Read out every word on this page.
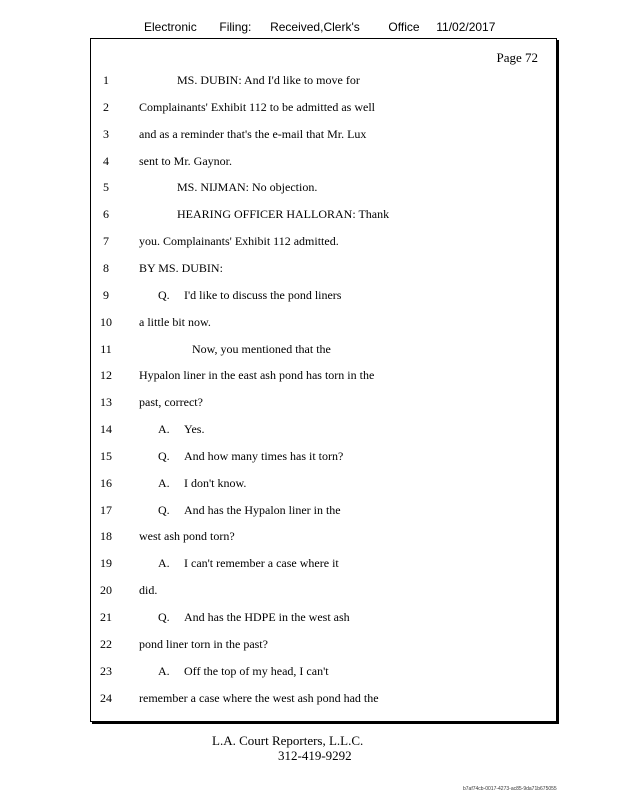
Electronic Filing: Received,Clerk's Office 11/02/2017
Page 72
1	MS. DUBIN: And I'd like to move for
2	Complainants' Exhibit 112 to be admitted as well
3	and as a reminder that's the e-mail that Mr. Lux
4	sent to Mr. Gaynor.
5	MS. NIJMAN: No objection.
6	HEARING OFFICER HALLORAN: Thank
7	you. Complainants' Exhibit 112 admitted.
8	BY MS. DUBIN:
9	Q. I'd like to discuss the pond liners
10 a little bit now.
11	Now, you mentioned that the
12 Hypalon liner in the east ash pond has torn in the
13 past, correct?
14	A. Yes.
15	Q. And how many times has it torn?
16	A. I don't know.
17	Q. And has the Hypalon liner in the
18 west ash pond torn?
19	A. I can't remember a case where it
20 did.
21	Q. And has the HDPE in the west ash
22 pond liner torn in the past?
23	A. Off the top of my head, I can't
24 remember a case where the west ash pond had the
L.A. Court Reporters, L.L.C.
312-419-9292
b7af74cb-0017-4273-ac85-9da71b675055
